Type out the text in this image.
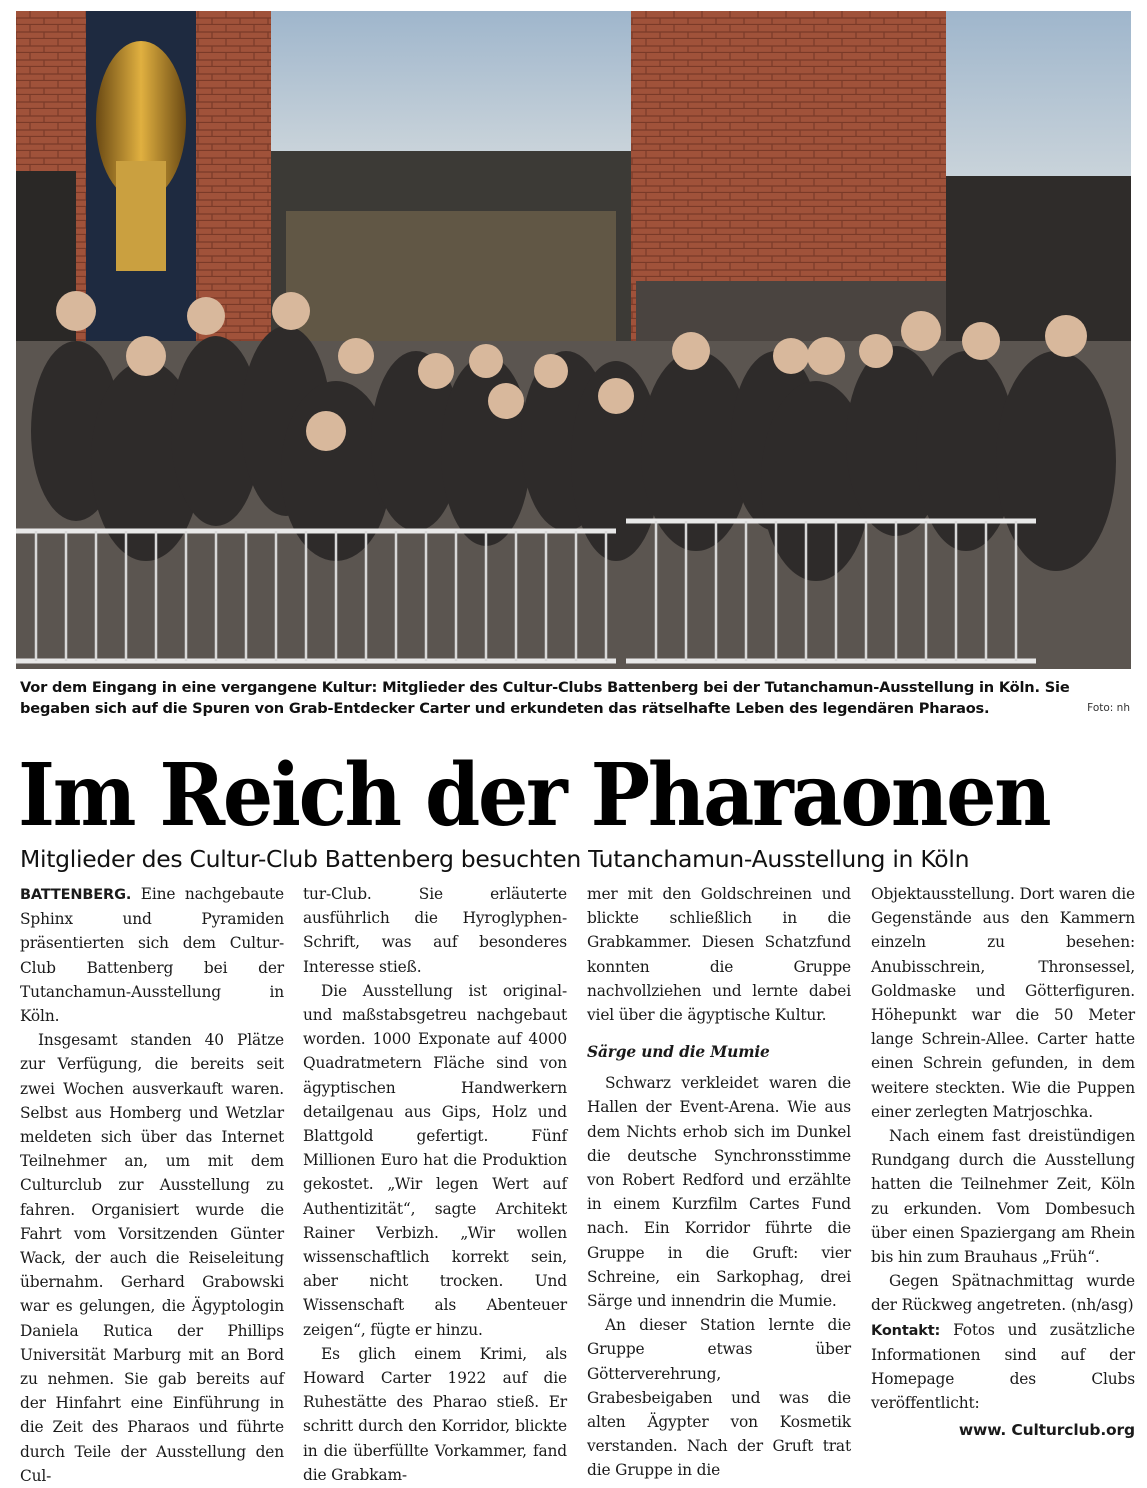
Vor dem Eingang in eine vergangene Kultur: Mitglieder des Cultur-Clubs Battenberg bei der Tutanchamun-Ausstellung in Köln. Sie begaben sich auf die Spuren von Grab-Entdecker Carter und erkundeten das rätselhafte Leben des legendären Pharaos.	Foto: nh
Im Reich der Pharaonen
Mitglieder des Cultur-Club Battenberg besuchten Tutanchamun-Ausstellung in Köln

BATTENBERG. Eine nachgebaute Sphinx und Pyramiden präsentierten sich dem Cultur-Club Battenberg bei der Tutanchamun-Ausstellung in Köln.

Insgesamt standen 40 Plätze zur Verfügung, die bereits seit zwei Wochen ausverkauft waren. Selbst aus Homberg und Wetzlar meldeten sich über das Internet Teilnehmer an, um mit dem Culturclub zur Ausstellung zu fahren. Organisiert wurde die Fahrt vom Vorsitzenden Günter Wack, der auch die Reiseleitung übernahm. Gerhard Grabowski war es gelungen, die Ägyptologin Daniela Rutica der Phillips Universität Marburg mit an Bord zu nehmen. Sie gab bereits auf der Hinfahrt eine Einführung in die Zeit des Pharaos und führte durch Teile der Ausstellung den Cul-

tur-Club. Sie erläuterte ausführlich die Hyroglyphen-Schrift, was auf besonderes Interesse stieß.

Die Ausstellung ist original- und maßstabsgetreu nachgebaut worden. 1000 Exponate auf 4000 Quadratmetern Fläche sind von ägyptischen Handwerkern detailgenau aus Gips, Holz und Blattgold gefertigt. Fünf Millionen Euro hat die Produktion gekostet. „Wir legen Wert auf Authentizität“, sagte Architekt Rainer Verbizh. „Wir wollen wissenschaftlich korrekt sein, aber nicht trocken. Und Wissenschaft als Abenteuer zeigen“, fügte er hinzu.

Es glich einem Krimi, als Howard Carter 1922 auf die Ruhestätte des Pharao stieß. Er schritt durch den Korridor, blickte in die überfüllte Vorkammer, fand die Grabkam-

mer mit den Goldschreinen und blickte schließlich in die Grabkammer. Diesen Schatzfund konnten die Gruppe nachvollziehen und lernte dabei viel über die ägyptische Kultur.

Särge und die Mumie

Schwarz verkleidet waren die Hallen der Event-Arena. Wie aus dem Nichts erhob sich im Dunkel die deutsche Synchronsstimme von Robert Redford und erzählte in einem Kurzfilm Cartes Fund nach. Ein Korridor führte die Gruppe in die Gruft: vier Schreine, ein Sarkophag, drei Särge und innendrin die Mumie.

An dieser Station lernte die Gruppe etwas über Götterverehrung, Grabesbeigaben und was die alten Ägypter von Kosmetik verstanden. Nach der Gruft trat die Gruppe in die

Objektausstellung. Dort waren die Gegenstände aus den Kammern einzeln zu besehen: Anubisschrein, Thronsessel, Goldmaske und Götterfiguren. Höhepunkt war die 50 Meter lange Schrein-Allee. Carter hatte einen Schrein gefunden, in dem weitere steckten. Wie die Puppen einer zerlegten Matrjoschka.

Nach einem fast dreistündigen Rundgang durch die Ausstellung hatten die Teilnehmer Zeit, Köln zu erkunden. Vom Dombesuch über einen Spaziergang am Rhein bis hin zum Brauhaus „Früh“.

Gegen Spätnachmittag wurde der Rückweg angetreten. (nh/asg)

Kontakt: Fotos und zusätzliche Informationen sind auf der Homepage des Clubs veröffentlicht:

www. Culturclub.org
